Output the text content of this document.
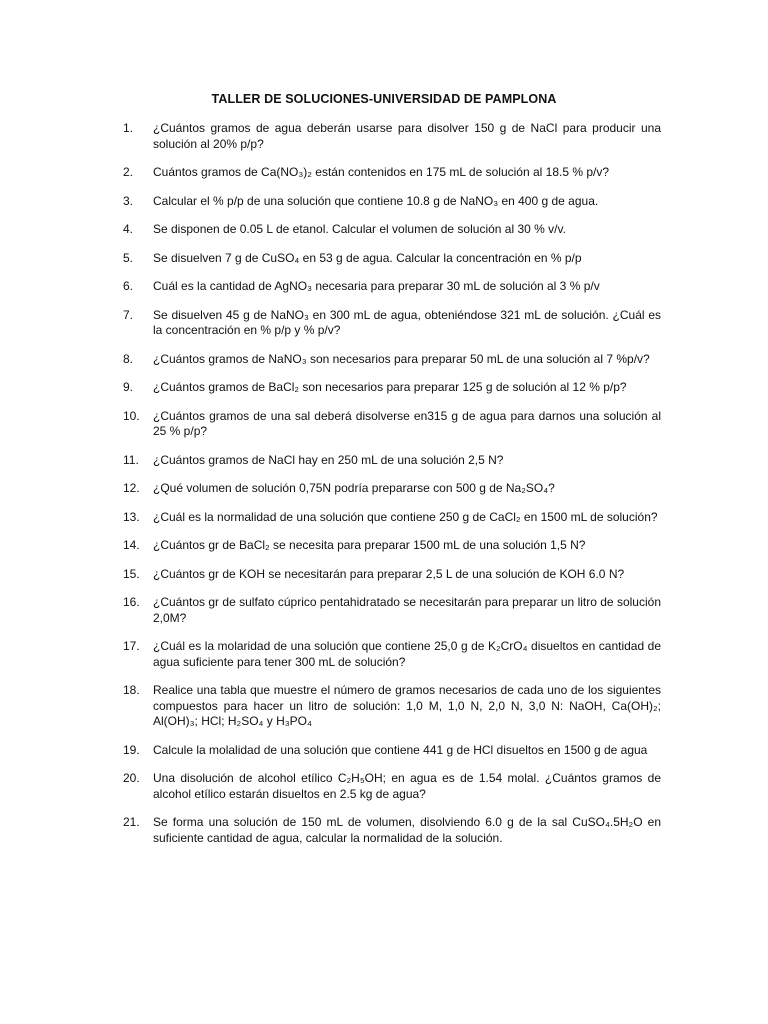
TALLER DE SOLUCIONES-UNIVERSIDAD DE PAMPLONA
1.	¿Cuántos gramos de agua deberán usarse para disolver 150 g de NaCl para producir una solución al 20% p/p?
2.	Cuántos gramos de Ca(NO₃)₂ están contenidos en 175 mL de solución al 18.5 % p/v?
3.	Calcular el % p/p de una solución que contiene 10.8 g de NaNO₃ en 400 g de agua.
4.	Se disponen de 0.05 L de etanol. Calcular el volumen de solución al 30 % v/v.
5.	Se disuelven 7 g de CuSO₄ en 53 g de agua. Calcular la concentración en % p/p
6.	Cuál es la cantidad de AgNO₃ necesaria para preparar 30 mL de solución al 3 % p/v
7.	Se disuelven 45 g de NaNO₃ en 300 mL de agua, obteniéndose 321 mL de solución. ¿Cuál es la concentración en % p/p y % p/v?
8.	¿Cuántos gramos de NaNO₃ son necesarios para preparar 50 mL de una solución al 7 %p/v?
9.	¿Cuántos gramos de BaCl₂ son necesarios para preparar 125 g de solución al 12 % p/p?
10.	¿Cuántos gramos de una sal deberá disolverse en315 g de agua para darnos una solución al 25 % p/p?
11.	¿Cuántos gramos de NaCl hay en 250 mL de una solución 2,5 N?
12.	¿Qué volumen de solución 0,75N podría prepararse con 500 g de Na₂SO₄?
13.	¿Cuál es la normalidad de una solución que contiene 250 g de CaCl₂ en 1500 mL de solución?
14.	¿Cuántos gr de BaCl₂ se necesita para preparar 1500 mL de una solución 1,5 N?
15.	¿Cuántos gr de KOH se necesitarán para preparar 2,5 L de una solución de KOH 6.0 N?
16.	¿Cuántos gr de sulfato cúprico pentahidratado se necesitarán para preparar un litro de solución 2,0M?
17.	¿Cuál es la molaridad de una solución que contiene 25,0 g de K₂CrO₄ disueltos en cantidad de agua suficiente para tener 300 mL de solución?
18.	Realice una tabla que muestre el número de gramos necesarios de cada uno de los siguientes compuestos para hacer un litro de solución: 1,0 M, 1,0 N, 2,0 N, 3,0 N: NaOH, Ca(OH)₂; Al(OH)₃; HCl; H₂SO₄ y H₃PO₄
19.	Calcule la molalidad de una solución que contiene 441 g de HCl disueltos en 1500 g de agua
20.	Una disolución de alcohol etílico C₂H₅OH; en agua es de 1.54 molal. ¿Cuántos gramos de alcohol etílico estarán disueltos en 2.5 kg de agua?
21.	Se forma una solución de 150 mL de volumen, disolviendo 6.0 g de la sal CuSO₄.5H₂O en suficiente cantidad de agua, calcular la normalidad de la solución.
